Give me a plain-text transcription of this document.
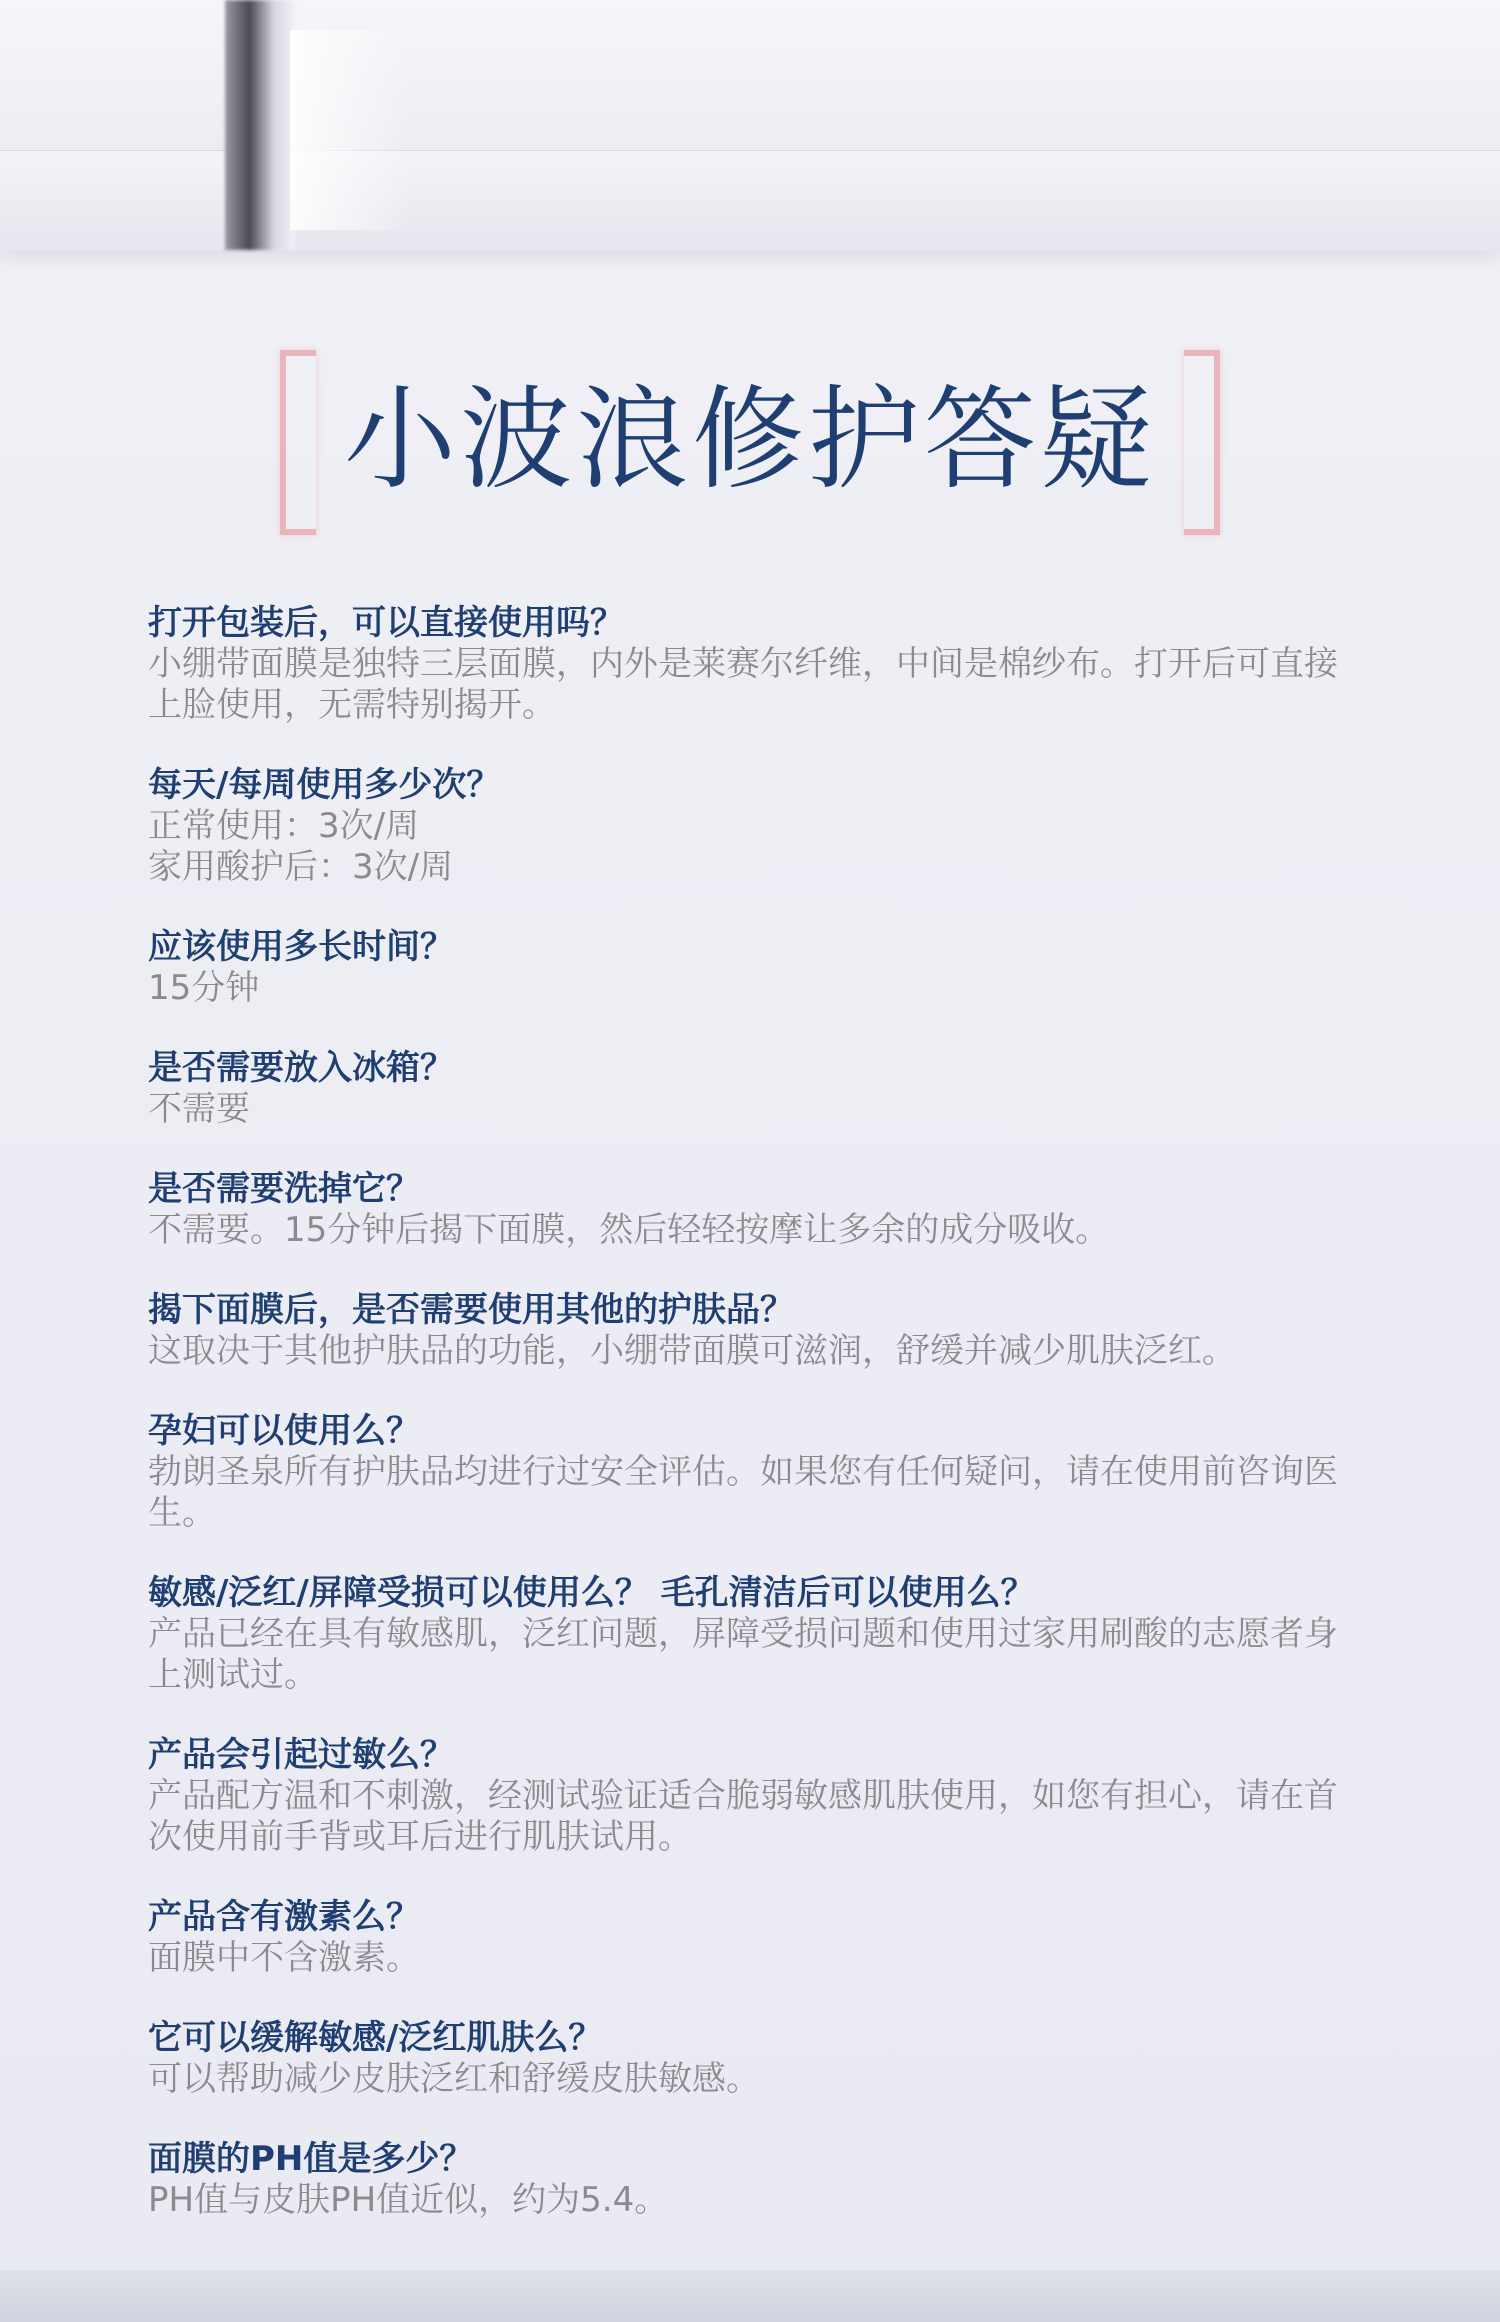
小波浪修护答疑
打开包装后，可以直接使用吗？
小绷带面膜是独特三层面膜，内外是莱赛尔纤维，中间是棉纱布。打开后可直接
上脸使用，无需特别揭开。
每天/每周使用多少次？
正常使用：3次/周
家用酸护后：3次/周
应该使用多长时间？
15分钟
是否需要放入冰箱？
不需要
是否需要洗掉它？
不需要。15分钟后揭下面膜，然后轻轻按摩让多余的成分吸收。
揭下面膜后，是否需要使用其他的护肤品？
这取决于其他护肤品的功能，小绷带面膜可滋润，舒缓并减少肌肤泛红。
孕妇可以使用么？
勃朗圣泉所有护肤品均进行过安全评估。如果您有任何疑问，请在使用前咨询医
生。
敏感/泛红/屏障受损可以使用么？ 毛孔清洁后可以使用么？
产品已经在具有敏感肌，泛红问题，屏障受损问题和使用过家用刷酸的志愿者身
上测试过。
产品会引起过敏么？
产品配方温和不刺激，经测试验证适合脆弱敏感肌肤使用，如您有担心，请在首
次使用前手背或耳后进行肌肤试用。
产品含有激素么？
面膜中不含激素。
它可以缓解敏感/泛红肌肤么？
可以帮助减少皮肤泛红和舒缓皮肤敏感。
面膜的PH值是多少？
PH值与皮肤PH值近似，约为5.4。
